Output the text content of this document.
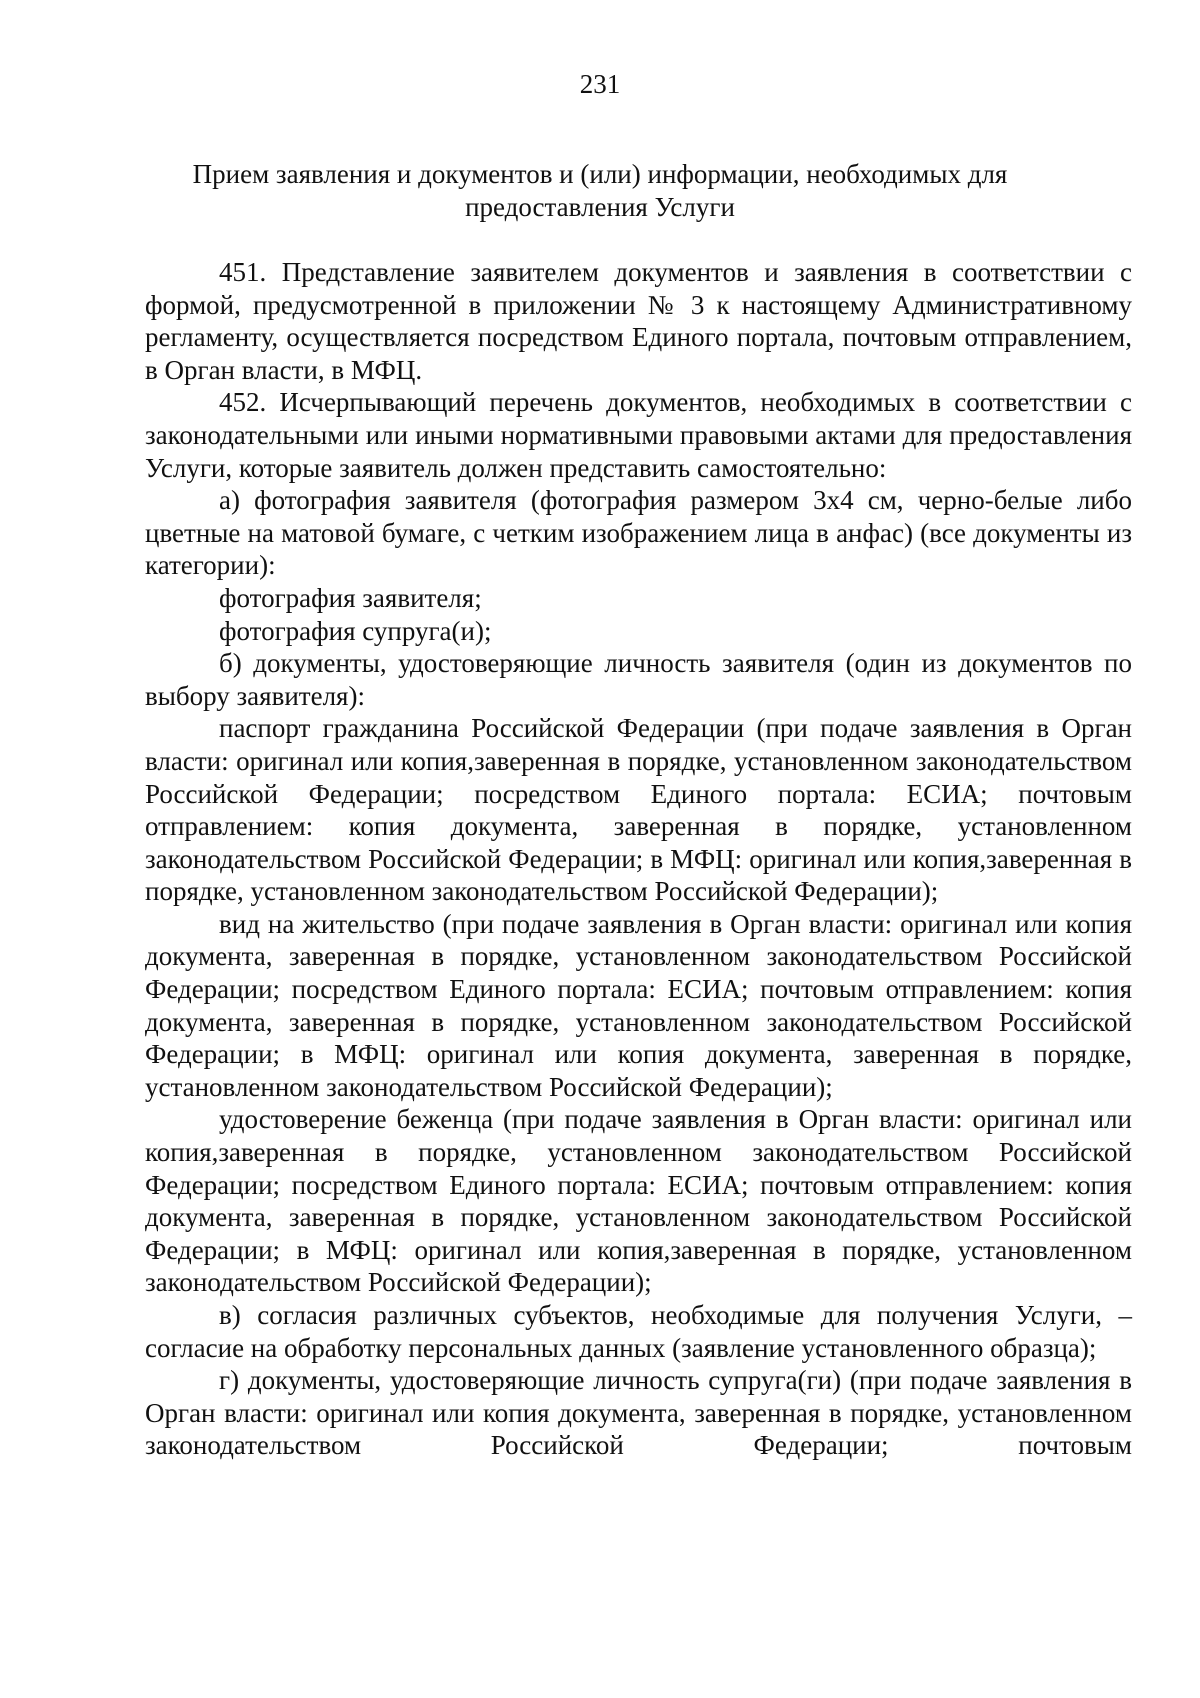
231
Прием заявления и документов и (или) информации, необходимых для предоставления Услуги

451. Представление заявителем документов и заявления в соответствии с формой, предусмотренной в приложении № 3 к настоящему Административному регламенту, осуществляется посредством Единого портала, почтовым отправлением, в Орган власти, в МФЦ.

452. Исчерпывающий перечень документов, необходимых в соответствии с законодательными или иными нормативными правовыми актами для предоставления Услуги, которые заявитель должен представить самостоятельно:

а) фотография заявителя (фотография размером 3x4 см, черно-белые либо цветные на матовой бумаге, с четким изображением лица в анфас) (все документы из категории):

фотография заявителя;

фотография супруга(и);

б) документы, удостоверяющие личность заявителя (один из документов по выбору заявителя):

паспорт гражданина Российской Федерации (при подаче заявления в Орган власти: оригинал или копия,заверенная в порядке, установленном законодательством Российской Федерации; посредством Единого портала: ЕСИА; почтовым отправлением: копия документа, заверенная в порядке, установленном законодательством Российской Федерации; в МФЦ: оригинал или копия,заверенная в порядке, установленном законодательством Российской Федерации);

вид на жительство (при подаче заявления в Орган власти: оригинал или копия документа, заверенная в порядке, установленном законодательством Российской Федерации; посредством Единого портала: ЕСИА; почтовым отправлением: копия документа, заверенная в порядке, установленном законодательством Российской Федерации; в МФЦ: оригинал или копия документа, заверенная в порядке, установленном законодательством Российской Федерации);

удостоверение беженца (при подаче заявления в Орган власти: оригинал или копия,заверенная в порядке, установленном законодательством Российской Федерации; посредством Единого портала: ЕСИА; почтовым отправлением: копия документа, заверенная в порядке, установленном законодательством Российской Федерации; в МФЦ: оригинал или копия,заверенная в порядке, установленном законодательством Российской Федерации);

в) согласия различных субъектов, необходимые для получения Услуги, – согласие на обработку персональных данных (заявление установленного образца);

г) документы, удостоверяющие личность супруга(ги) (при подаче заявления в Орган власти: оригинал или копия документа, заверенная в порядке, установленном законодательством Российской Федерации; почтовым
